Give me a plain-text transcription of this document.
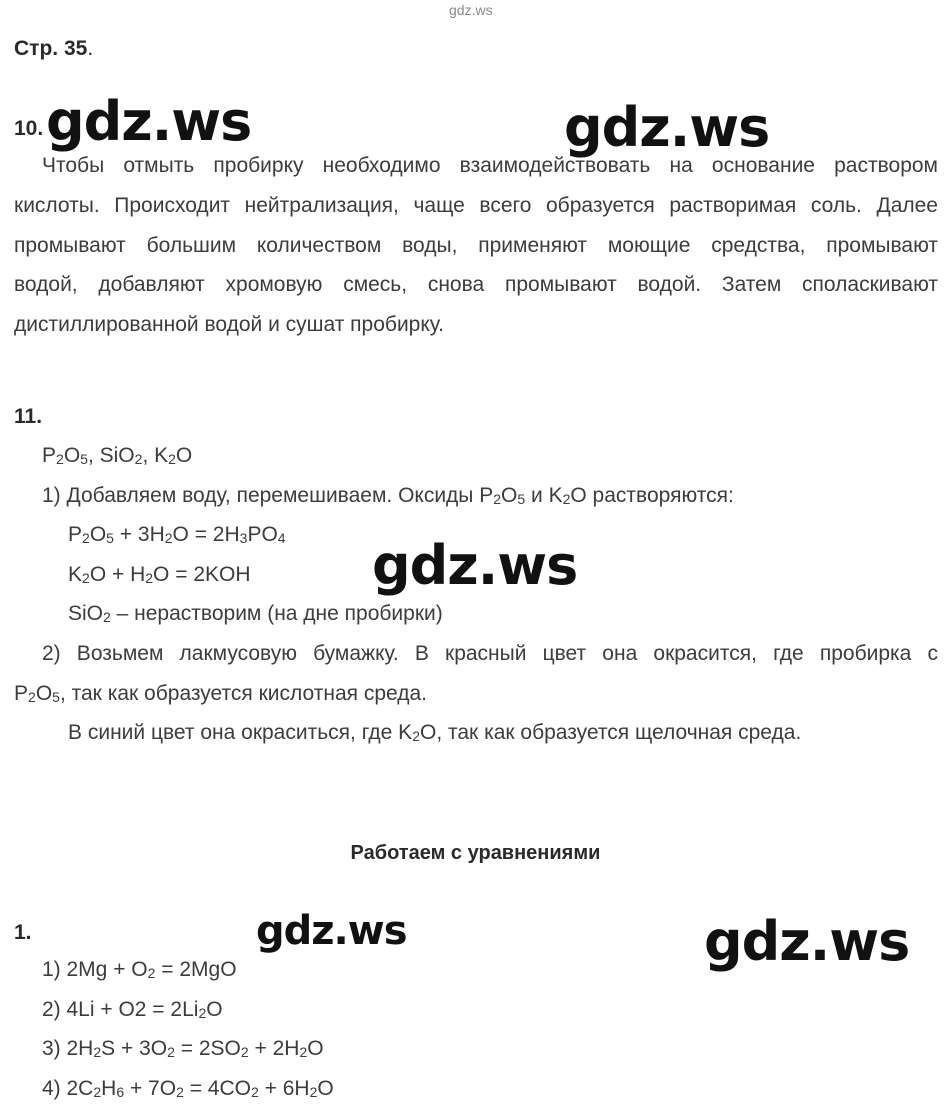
gdz.ws
Стр. 35.
10.
Чтобы отмыть пробирку необходимо взаимодействовать на основание раствором
кислоты. Происходит нейтрализация, чаще всего образуется растворимая соль. Далее
промывают большим количеством воды, применяют моющие средства, промывают
водой, добавляют хромовую смесь, снова промывают водой. Затем споласкивают
дистиллированной водой и сушат пробирку.
11.
$P_2O_5$, SiO$_2$, $K_2O$
1) Добавляем воду, перемешиваем. Оксиды $P_2O_5$ и $K_2O$ растворяются:
$P_2O_5 + 3H_2O = 2H_3PO_4$
$K_2O + H_2O = 2KOH$
SiO$_2$ – нерастворим (на дне пробирки)
2) Возьмем лакмусовую бумажку. В красный цвет она окрасится, где пробирка с
$P_2O_5$, так как образуется кислотная среда.
В синий цвет она окраситься, где $K_2O$, так как образуется щелочная среда.
Работаем с уравнениями
1.
1) $2Mg + O_2 = 2MgO$
2) $4Li + O2 = 2Li_2O$
3) $2H_2S + 3O_2 = 2SO_2 + 2H_2O$
4) $2C_2H_6 + 7O_2 = 4CO_2 + 6H_2O$
gdz.ws	gdz.ws
gdz.ws
gdz.ws	gdz.ws
